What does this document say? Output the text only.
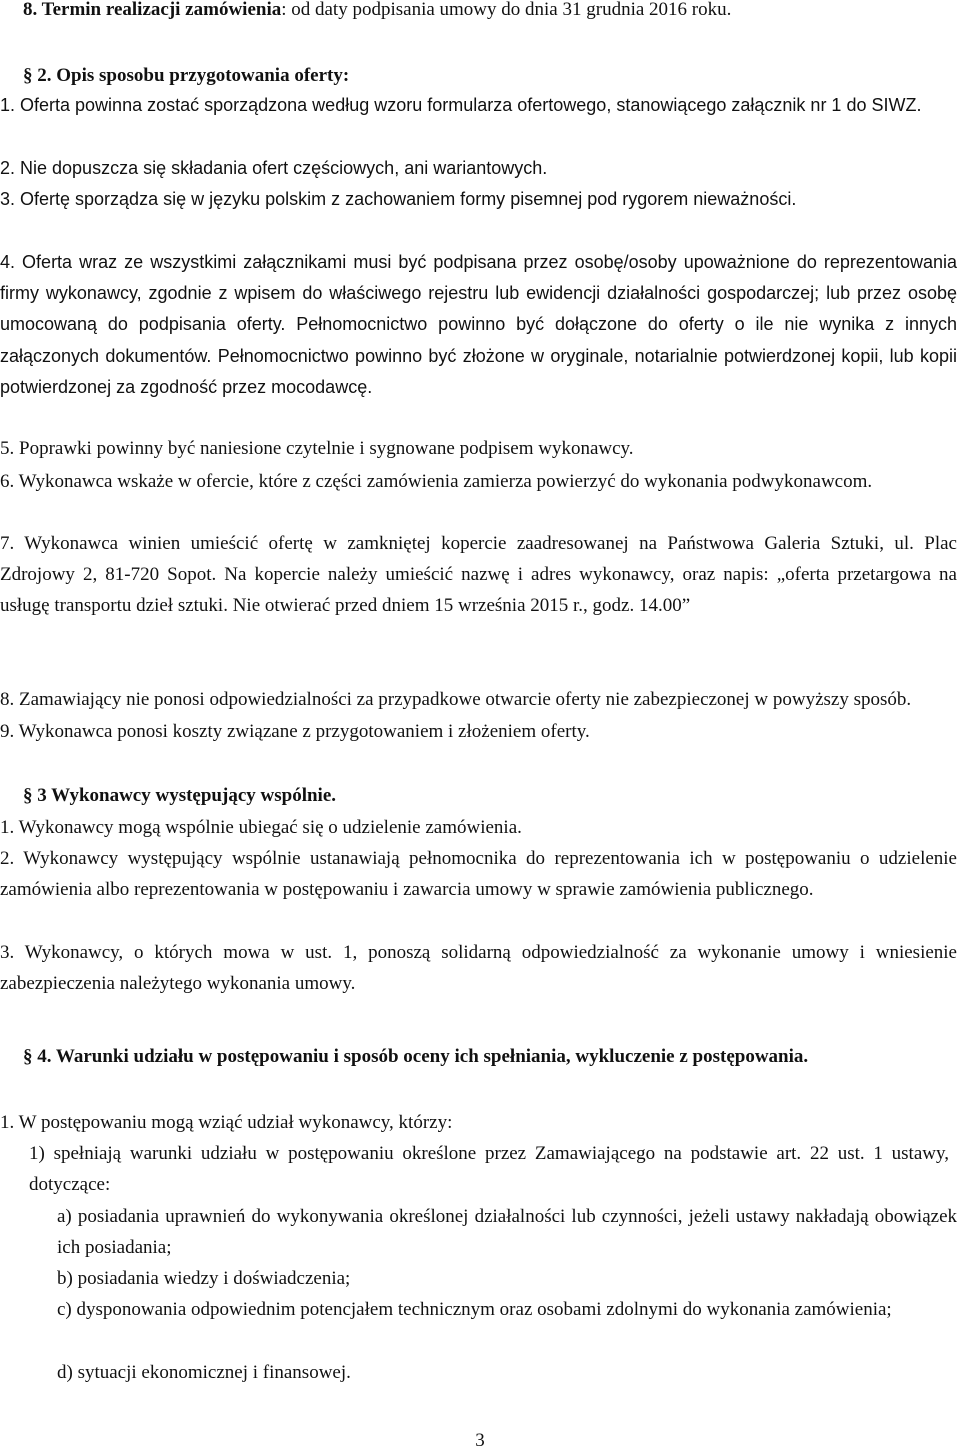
8. Termin realizacji zamówienia: od daty podpisania umowy do dnia 31 grudnia 2016 roku.

§ 2. Opis sposobu przygotowania oferty:

1. Oferta powinna zostać sporządzona według wzoru formularza ofertowego, stanowiącego załącznik nr 1 do SIWZ.

2. Nie dopuszcza się składania ofert częściowych, ani wariantowych.

3. Ofertę sporządza się w języku polskim z zachowaniem formy pisemnej pod rygorem nieważności.

4. Oferta wraz ze wszystkimi załącznikami musi być podpisana przez osobę/osoby upoważnione do reprezentowania firmy wykonawcy, zgodnie z wpisem do właściwego rejestru lub ewidencji działalności gospodarczej; lub przez osobę umocowaną do podpisania oferty. Pełnomocnictwo powinno być dołączone do oferty o ile nie wynika z innych załączonych dokumentów. Pełnomocnictwo powinno być złożone w oryginale, notarialnie potwierdzonej kopii, lub kopii potwierdzonej za zgodność przez mocodawcę.

5. Poprawki powinny być naniesione czytelnie i sygnowane podpisem wykonawcy.

6. Wykonawca wskaże w ofercie, które z części zamówienia zamierza powierzyć do wykonania podwykonawcom.

7. Wykonawca winien umieścić ofertę w zamkniętej kopercie zaadresowanej na Państwowa Galeria Sztuki, ul. Plac Zdrojowy 2, 81-720 Sopot. Na kopercie należy umieścić nazwę i adres wykonawcy, oraz napis: „oferta przetargowa na usługę transportu dzieł sztuki. Nie otwierać przed dniem 15 września 2015 r., godz. 14.00”

8. Zamawiający nie ponosi odpowiedzialności za przypadkowe otwarcie oferty nie zabezpieczonej w powyższy sposób.

9. Wykonawca ponosi koszty związane z przygotowaniem i złożeniem oferty.

§ 3 Wykonawcy występujący wspólnie.

1. Wykonawcy mogą wspólnie ubiegać się o udzielenie zamówienia.

2. Wykonawcy występujący wspólnie ustanawiają pełnomocnika do reprezentowania ich w postępowaniu o udzielenie zamówienia albo reprezentowania w postępowaniu i zawarcia umowy w sprawie zamówienia publicznego.

3. Wykonawcy, o których mowa w ust. 1, ponoszą solidarną odpowiedzialność za wykonanie umowy i wniesienie zabezpieczenia należytego wykonania umowy.

§ 4. Warunki udziału w postępowaniu i sposób oceny ich spełniania, wykluczenie z postępowania.

1. W postępowaniu mogą wziąć udział wykonawcy, którzy:

1) spełniają warunki udziału w postępowaniu określone przez Zamawiającego na podstawie art. 22 ust. 1 ustawy, dotyczące:

a) posiadania uprawnień do wykonywania określonej działalności lub czynności, jeżeli ustawy nakładają obowiązek ich posiadania;

b) posiadania wiedzy i doświadczenia;

c) dysponowania odpowiednim potencjałem technicznym oraz osobami zdolnymi do wykonania zamówienia;

d) sytuacji ekonomicznej i finansowej.

3
